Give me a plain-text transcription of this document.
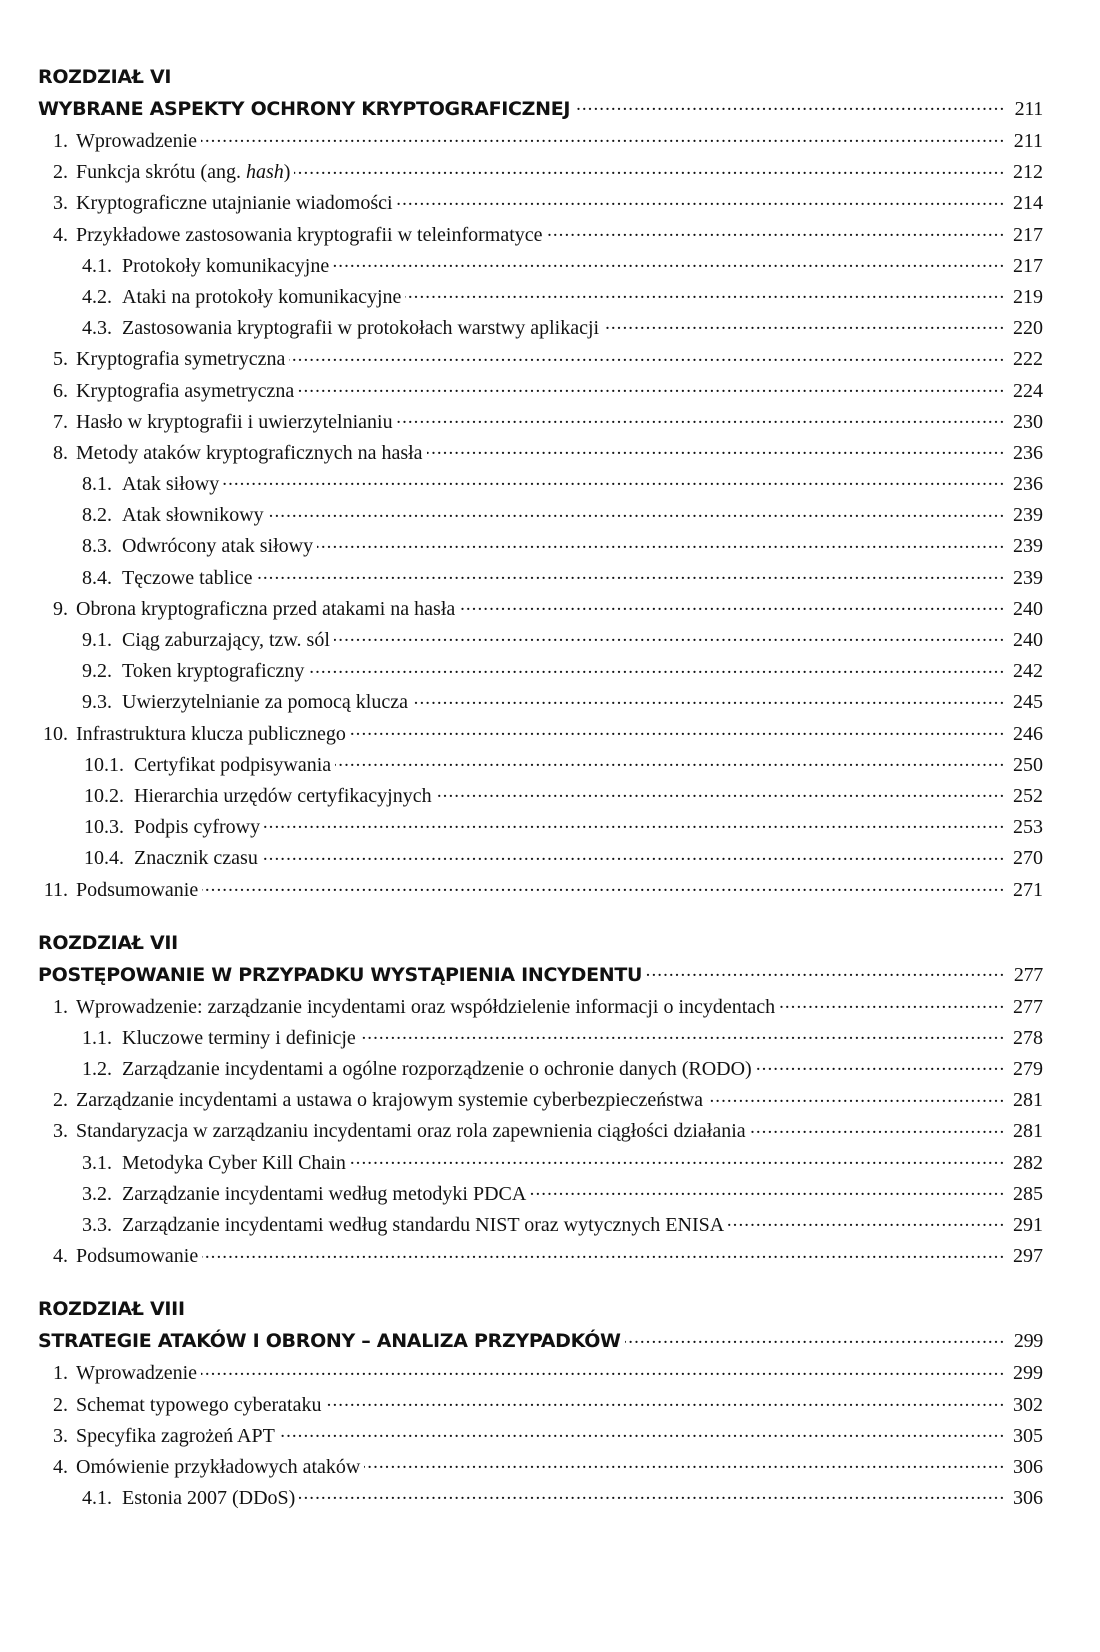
ROZDZIAŁ VI
WYBRANE ASPEKTY OCHRONY KRYPTOGRAFICZNEJ . . .	211
1. Wprowadzenie . . .	211
2. Funkcja skrótu (ang. hash) . . .	212
3. Kryptograficzne utajnianie wiadomości . . .	214
4. Przykładowe zastosowania kryptografii w teleinformatyce . . .	217
4.1. Protokoły komunikacyjne . . .	217
4.2. Ataki na protokoły komunikacyjne . . .	219
4.3. Zastosowania kryptografii w protokołach warstwy aplikacji . . .	220
5. Kryptografia symetryczna . . .	222
6. Kryptografia asymetryczna . . .	224
7. Hasło w kryptografii i uwierzytelnianiu . . .	230
8. Metody ataków kryptograficznych na hasła . . .	236
8.1. Atak siłowy . . .	236
8.2. Atak słownikowy . . .	239
8.3. Odwrócony atak siłowy . . .	239
8.4. Tęczowe tablice . . .	239
9. Obrona kryptograficzna przed atakami na hasła . . .	240
9.1. Ciąg zaburzający, tzw. sól . . .	240
9.2. Token kryptograficzny . . .	242
9.3. Uwierzytelnianie za pomocą klucza . . .	245
10. Infrastruktura klucza publicznego . . .	246
10.1. Certyfikat podpisywania . . .	250
10.2. Hierarchia urzędów certyfikacyjnych . . .	252
10.3. Podpis cyfrowy . . .	253
10.4. Znacznik czasu . . .	270
11. Podsumowanie . . .	271
ROZDZIAŁ VII
POSTĘPOWANIE W PRZYPADKU WYSTĄPIENIA INCYDENTU . . .	277
1. Wprowadzenie: zarządzanie incydentami oraz współdzielenie informacji o incydentach . . .	277
1.1. Kluczowe terminy i definicje . . .	278
1.2. Zarządzanie incydentami a ogólne rozporządzenie o ochronie danych (RODO) . . .	279
2. Zarządzanie incydentami a ustawa o krajowym systemie cyberbezpieczeństwa . . .	281
3. Standaryzacja w zarządzaniu incydentami oraz rola zapewnienia ciągłości działania . . .	281
3.1. Metodyka Cyber Kill Chain . . .	282
3.2. Zarządzanie incydentami według metodyki PDCA . . .	285
3.3. Zarządzanie incydentami według standardu NIST oraz wytycznych ENISA . . .	291
4. Podsumowanie . . .	297
ROZDZIAŁ VIII
STRATEGIE ATAKÓW I OBRONY – ANALIZA PRZYPADKÓW . . .	299
1. Wprowadzenie . . .	299
2. Schemat typowego cyberataku . . .	302
3. Specyfika zagrożeń APT . . .	305
4. Omówienie przykładowych ataków . . .	306
4.1. Estonia 2007 (DDoS) . . .	306
